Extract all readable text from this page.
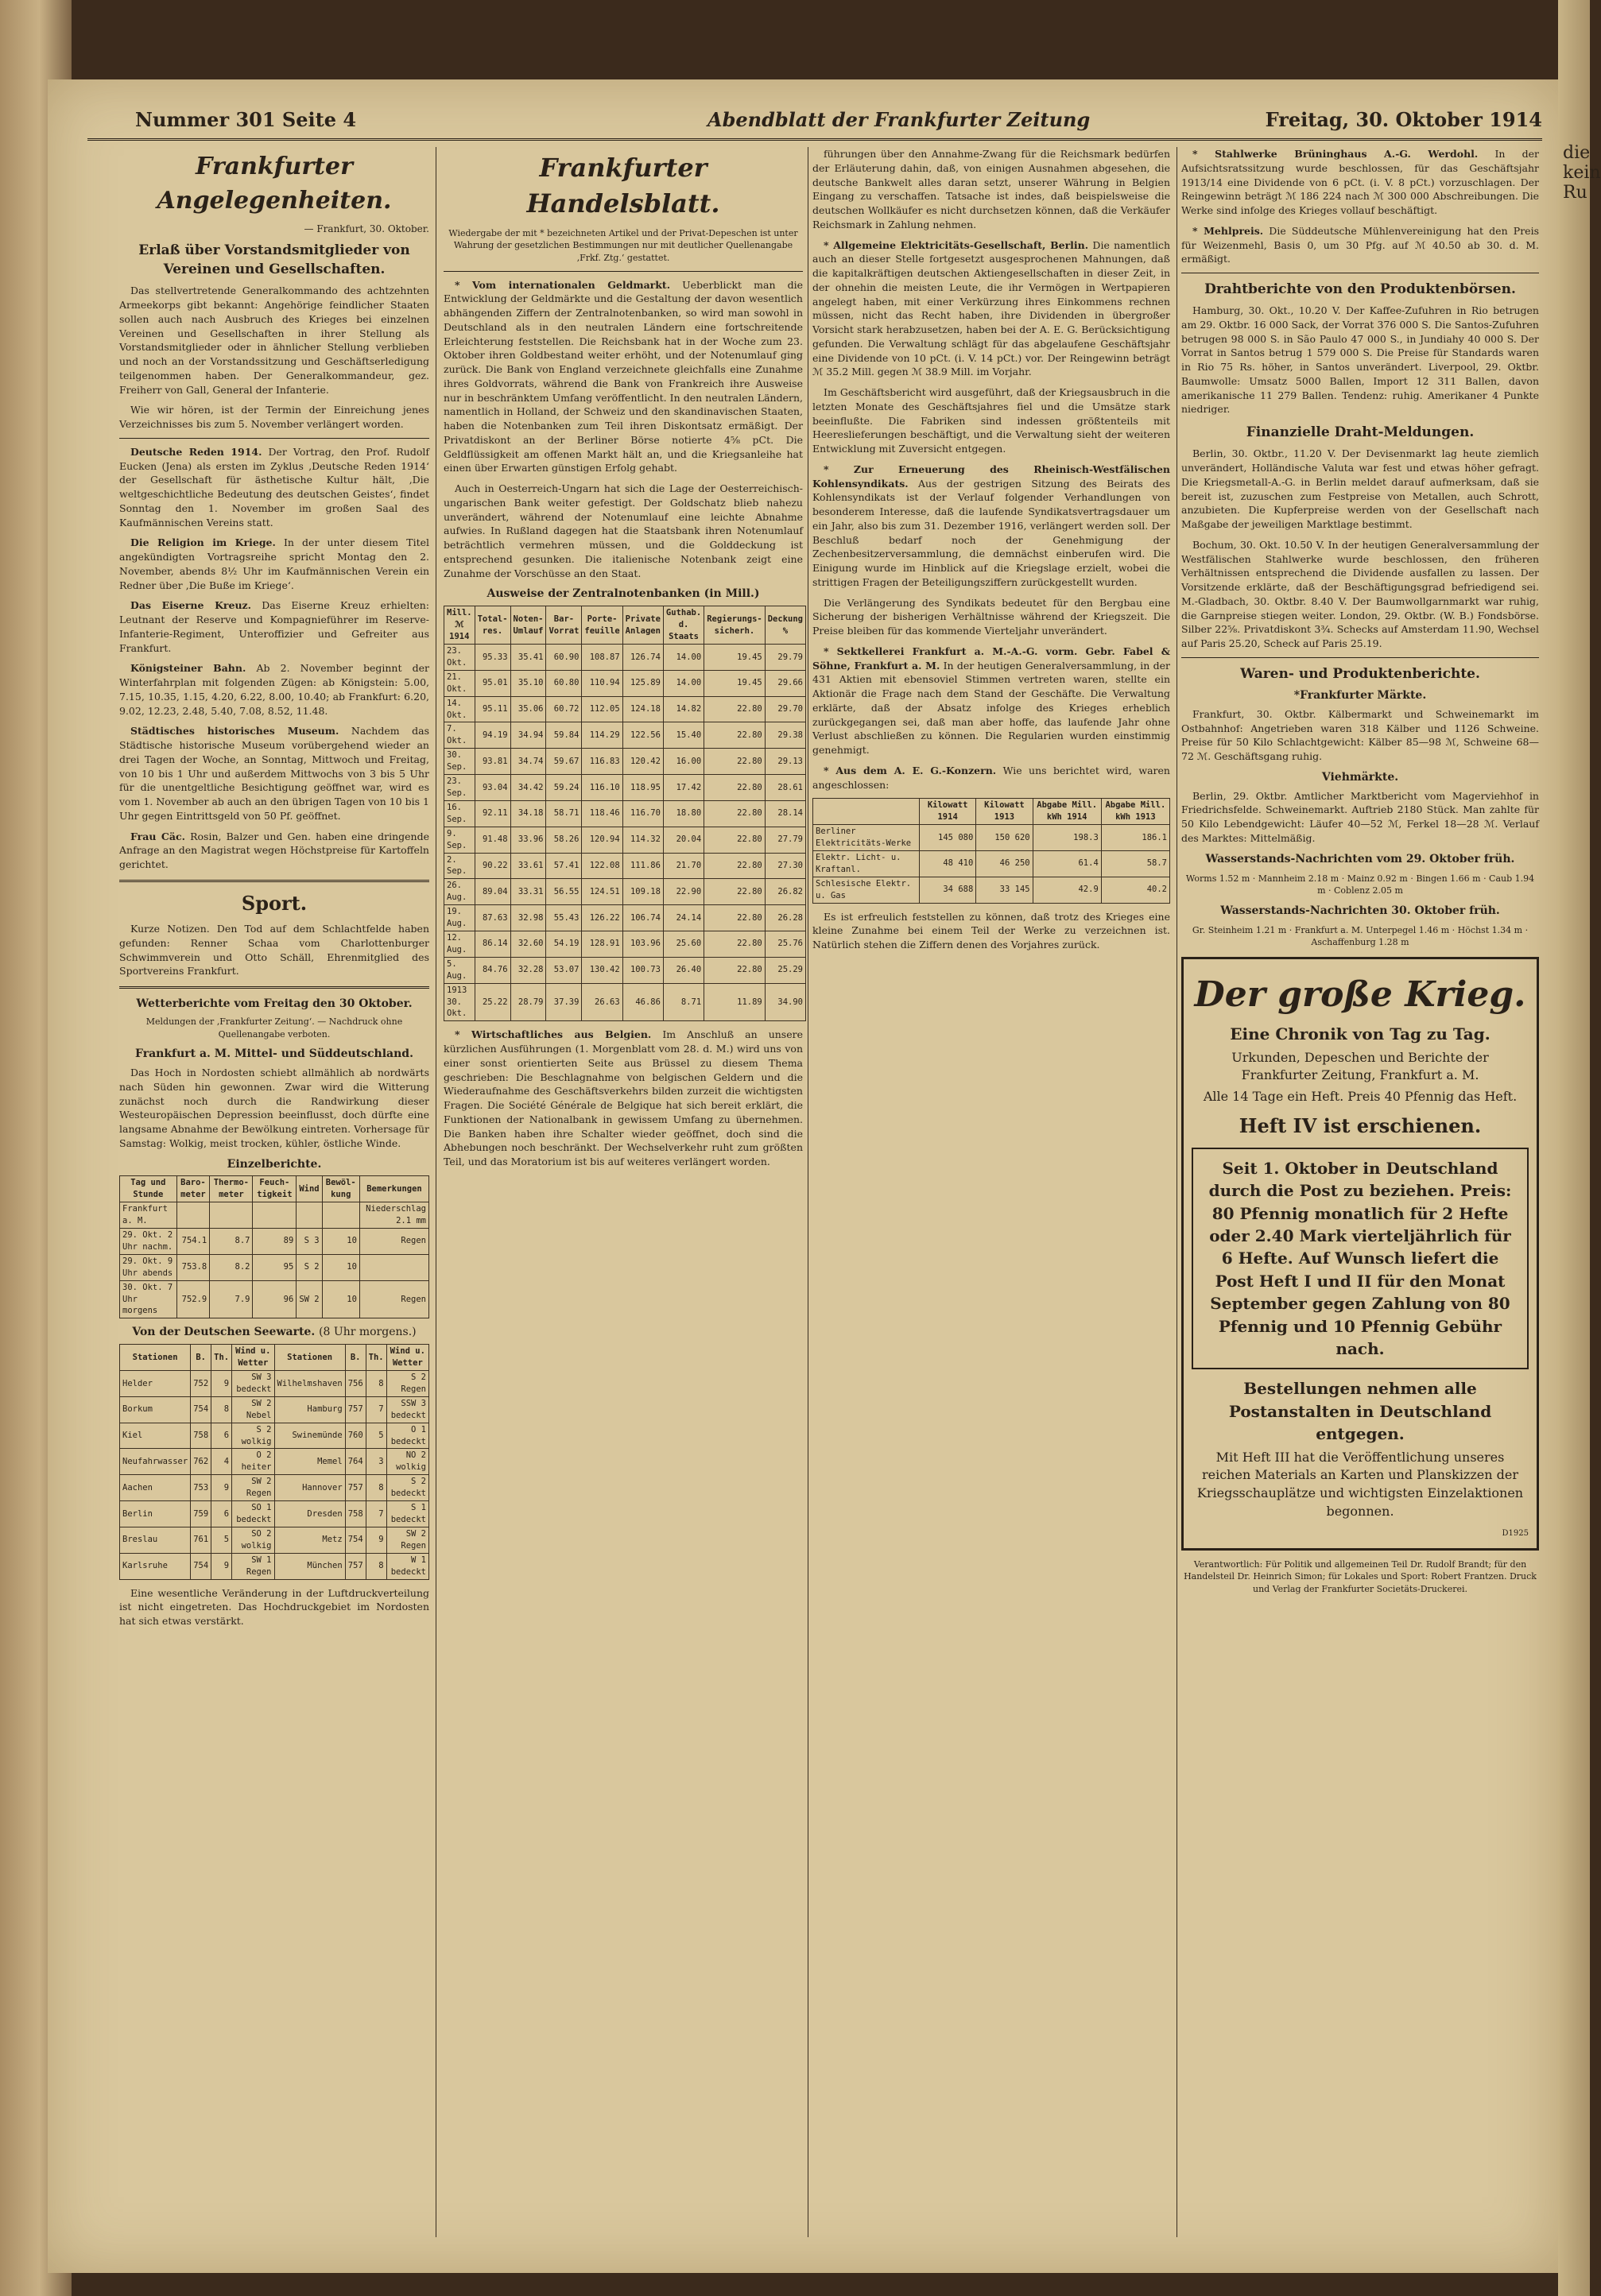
die
kein
Ru
Nummer 301 Seite 4	Abendblatt der Frankfurter Zeitung	Freitag, 30. Oktober 1914
Frankfurter Angelegenheiten.
— Frankfurt, 30. Oktober.
Erlaß über Vorstandsmitglieder von Vereinen und Gesellschaften.

Das stellvertretende Generalkommando des achtzehnten Armeekorps gibt bekannt: Angehörige feindlicher Staaten sollen auch nach Ausbruch des Krieges bei einzelnen Vereinen und Gesellschaften in ihrer Stellung als Vorstandsmitglieder oder in ähnlicher Stellung verblieben und noch an der Vorstandssitzung und Geschäftserledigung teilgenommen haben. Der Generalkommandeur, gez. Freiherr von Gall, General der Infanterie.

Wie wir hören, ist der Termin der Einreichung jenes Verzeichnisses bis zum 5. November verlängert worden.

Deutsche Reden 1914. Der Vortrag, den Prof. Rudolf Eucken (Jena) als ersten im Zyklus ‚Deutsche Reden 1914‘ der Gesellschaft für ästhetische Kultur hält, ‚Die weltgeschichtliche Bedeutung des deutschen Geistes‘, findet Sonntag den 1. November im großen Saal des Kaufmännischen Vereins statt.

Die Religion im Kriege. In der unter diesem Titel angekündigten Vortragsreihe spricht Montag den 2. November, abends 8½ Uhr im Kaufmännischen Verein ein Redner über ‚Die Buße im Kriege‘.

Das Eiserne Kreuz. Das Eiserne Kreuz erhielten: Leutnant der Reserve und Kompagnieführer im Reserve-Infanterie-Regiment, Unteroffizier und Gefreiter aus Frankfurt.

Königsteiner Bahn. Ab 2. November beginnt der Winterfahrplan mit folgenden Zügen: ab Königstein: 5.00, 7.15, 10.35, 1.15, 4.20, 6.22, 8.00, 10.40; ab Frankfurt: 6.20, 9.02, 12.23, 2.48, 5.40, 7.08, 8.52, 11.48.

Städtisches historisches Museum. Nachdem das Städtische historische Museum vorübergehend wieder an drei Tagen der Woche, an Sonntag, Mittwoch und Freitag, von 10 bis 1 Uhr und außerdem Mittwochs von 3 bis 5 Uhr für die unentgeltliche Besichtigung geöffnet war, wird es vom 1. November ab auch an den übrigen Tagen von 10 bis 1 Uhr gegen Eintrittsgeld von 50 Pf. geöffnet.

Frau Cäc. Rosin, Balzer und Gen. haben eine dringende Anfrage an den Magistrat wegen Höchstpreise für Kartoffeln gerichtet.

Sport.

Kurze Notizen. Den Tod auf dem Schlachtfelde haben gefunden: Renner Schaa vom Charlottenburger Schwimmverein und Otto Schäll, Ehrenmitglied des Sportvereins Frankfurt.

Wetterberichte vom Freitag den 30 Oktober.
Meldungen der ‚Frankfurter Zeitung‘. — Nachdruck ohne Quellenangabe verboten.
Frankfurt a. M. Mittel- und Süddeutschland.

Das Hoch in Nordosten schiebt allmählich ab nordwärts nach Süden hin gewonnen. Zwar wird die Witterung zunächst noch durch die Randwirkung dieser Westeuropäischen Depression beeinflusst, doch dürfte eine langsame Abnahme der Bewölkung eintreten. Vorhersage für Samstag: Wolkig, meist trocken, kühler, östliche Winde.

Einzelberichte.
Tag und Stunde	Baro-meter	Thermo-meter	Feuch-tigkeit	Wind	Bewöl-kung	Bemerkungen
Frankfurt a. M.						Niederschlag 2.1 mm
29. Okt. 2 Uhr nachm.	754.1	8.7	89	S 3	10	Regen
29. Okt. 9 Uhr abends	753.8	8.2	95	S 2	10	
30. Okt. 7 Uhr morgens	752.9	7.9	96	SW 2	10	Regen
Von der Deutschen Seewarte. (8 Uhr morgens.)
Stationen	B.	Th.	Wind u. Wetter	Stationen	B.	Th.	Wind u. Wetter
Helder	752	9	SW 3 bedeckt	Wilhelmshaven	756	8	S 2 Regen
Borkum	754	8	SW 2 Nebel	Hamburg	757	7	SSW 3 bedeckt
Kiel	758	6	S 2 wolkig	Swinemünde	760	5	O 1 bedeckt
Neufahrwasser	762	4	O 2 heiter	Memel	764	3	NO 2 wolkig
Aachen	753	9	SW 2 Regen	Hannover	757	8	S 2 bedeckt
Berlin	759	6	SO 1 bedeckt	Dresden	758	7	S 1 bedeckt
Breslau	761	5	SO 2 wolkig	Metz	754	9	SW 2 Regen
Karlsruhe	754	9	SW 1 Regen	München	757	8	W 1 bedeckt

Eine wesentliche Veränderung in der Luftdruckverteilung ist nicht eingetreten. Das Hochdruckgebiet im Nordosten hat sich etwas verstärkt.

Frankfurter Handelsblatt.
Wiedergabe der mit * bezeichneten Artikel und der Privat-Depeschen ist unter Wahrung der gesetzlichen Bestimmungen nur mit deutlicher Quellenangabe ‚Frkf. Ztg.‘ gestattet.

* Vom internationalen Geldmarkt. Ueberblickt man die Entwicklung der Geldmärkte und die Gestaltung der davon wesentlich abhängenden Ziffern der Zentralnotenbanken, so wird man sowohl in Deutschland als in den neutralen Ländern eine fortschreitende Erleichterung feststellen. Die Reichsbank hat in der Woche zum 23. Oktober ihren Goldbestand weiter erhöht, und der Notenumlauf ging zurück. Die Bank von England verzeichnete gleichfalls eine Zunahme ihres Goldvorrats, während die Bank von Frankreich ihre Ausweise nur in beschränktem Umfang veröffentlicht. In den neutralen Ländern, namentlich in Holland, der Schweiz und den skandinavischen Staaten, haben die Notenbanken zum Teil ihren Diskontsatz ermäßigt. Der Privatdiskont an der Berliner Börse notierte 4⅝ pCt. Die Geldflüssigkeit am offenen Markt hält an, und die Kriegsanleihe hat einen über Erwarten günstigen Erfolg gehabt.

Auch in Oesterreich-Ungarn hat sich die Lage der Oesterreichisch-ungarischen Bank weiter gefestigt. Der Goldschatz blieb nahezu unverändert, während der Notenumlauf eine leichte Abnahme aufwies. In Rußland dagegen hat die Staatsbank ihren Notenumlauf beträchtlich vermehren müssen, und die Golddeckung ist entsprechend gesunken. Die italienische Notenbank zeigt eine Zunahme der Vorschüsse an den Staat.

Ausweise der Zentralnotenbanken (in Mill.)
Mill. ℳ 1914	Total-res.	Noten-Umlauf	Bar-Vorrat	Porte-feuille	Private Anlagen	Guthab. d. Staats	Regierungs-sicherh.	Deckung %
23. Okt.	95.33	35.41	60.90	108.87	126.74	14.00	19.45	29.79
21. Okt.	95.01	35.10	60.80	110.94	125.89	14.00	19.45	29.66
14. Okt.	95.11	35.06	60.72	112.05	124.18	14.82	22.80	29.70
7. Okt.	94.19	34.94	59.84	114.29	122.56	15.40	22.80	29.38
30. Sep.	93.81	34.74	59.67	116.83	120.42	16.00	22.80	29.13
23. Sep.	93.04	34.42	59.24	116.10	118.95	17.42	22.80	28.61
16. Sep.	92.11	34.18	58.71	118.46	116.70	18.80	22.80	28.14
9. Sep.	91.48	33.96	58.26	120.94	114.32	20.04	22.80	27.79
2. Sep.	90.22	33.61	57.41	122.08	111.86	21.70	22.80	27.30
26. Aug.	89.04	33.31	56.55	124.51	109.18	22.90	22.80	26.82
19. Aug.	87.63	32.98	55.43	126.22	106.74	24.14	22.80	26.28
12. Aug.	86.14	32.60	54.19	128.91	103.96	25.60	22.80	25.76
5. Aug.	84.76	32.28	53.07	130.42	100.73	26.40	22.80	25.29
1913 30. Okt.	25.22	28.79	37.39	26.63	46.86	8.71	11.89	34.90

* Wirtschaftliches aus Belgien. Im Anschluß an unsere kürzlichen Ausführungen (1. Morgenblatt vom 28. d. M.) wird uns von einer sonst orientierten Seite aus Brüssel zu diesem Thema geschrieben: Die Beschlagnahme von belgischen Geldern und die Wiederaufnahme des Geschäftsverkehrs bilden zurzeit die wichtigsten Fragen. Die Société Générale de Belgique hat sich bereit erklärt, die Funktionen der Nationalbank in gewissem Umfang zu übernehmen. Die Banken haben ihre Schalter wieder geöffnet, doch sind die Abhebungen noch beschränkt. Der Wechselverkehr ruht zum größten Teil, und das Moratorium ist bis auf weiteres verlängert worden.

führungen über den Annahme-Zwang für die Reichsmark bedürfen der Erläuterung dahin, daß, von einigen Ausnahmen abgesehen, die deutsche Bankwelt alles daran setzt, unserer Währung in Belgien Eingang zu verschaffen. Tatsache ist indes, daß beispielsweise die deutschen Wollkäufer es nicht durchsetzen können, daß die Verkäufer Reichsmark in Zahlung nehmen.

* Allgemeine Elektricitäts-Gesellschaft, Berlin. Die namentlich auch an dieser Stelle fortgesetzt ausgesprochenen Mahnungen, daß die kapitalkräftigen deutschen Aktiengesellschaften in dieser Zeit, in der ohnehin die meisten Leute, die ihr Vermögen in Wertpapieren angelegt haben, mit einer Verkürzung ihres Einkommens rechnen müssen, nicht das Recht haben, ihre Dividenden in übergroßer Vorsicht stark herabzusetzen, haben bei der A. E. G. Berücksichtigung gefunden. Die Verwaltung schlägt für das abgelaufene Geschäftsjahr eine Dividende von 10 pCt. (i. V. 14 pCt.) vor. Der Reingewinn beträgt ℳ 35.2 Mill. gegen ℳ 38.9 Mill. im Vorjahr.

Im Geschäftsbericht wird ausgeführt, daß der Kriegsausbruch in die letzten Monate des Geschäftsjahres fiel und die Umsätze stark beeinflußte. Die Fabriken sind indessen größtenteils mit Heereslieferungen beschäftigt, und die Verwaltung sieht der weiteren Entwicklung mit Zuversicht entgegen.

* Zur Erneuerung des Rheinisch-Westfälischen Kohlensyndikats. Aus der gestrigen Sitzung des Beirats des Kohlensyndikats ist der Verlauf folgender Verhandlungen von besonderem Interesse, daß die laufende Syndikatsvertragsdauer um ein Jahr, also bis zum 31. Dezember 1916, verlängert werden soll. Der Beschluß bedarf noch der Genehmigung der Zechenbesitzerversammlung, die demnächst einberufen wird. Die Einigung wurde im Hinblick auf die Kriegslage erzielt, wobei die strittigen Fragen der Beteiligungsziffern zurückgestellt wurden.

Die Verlängerung des Syndikats bedeutet für den Bergbau eine Sicherung der bisherigen Verhältnisse während der Kriegszeit. Die Preise bleiben für das kommende Vierteljahr unverändert.

* Sektkellerei Frankfurt a. M.-A.-G. vorm. Gebr. Fabel & Söhne, Frankfurt a. M. In der heutigen Generalversammlung, in der 431 Aktien mit ebensoviel Stimmen vertreten waren, stellte ein Aktionär die Frage nach dem Stand der Geschäfte. Die Verwaltung erklärte, daß der Absatz infolge des Krieges erheblich zurückgegangen sei, daß man aber hoffe, das laufende Jahr ohne Verlust abschließen zu können. Die Regularien wurden einstimmig genehmigt.

* Aus dem A. E. G.-Konzern. Wie uns berichtet wird, waren angeschlossen:

	Kilowatt 1914	Kilowatt 1913	Abgabe Mill. kWh 1914	Abgabe Mill. kWh 1913
Berliner Elektricitäts-Werke	145 080	150 620	198.3	186.1
Elektr. Licht- u. Kraftanl.	48 410	46 250	61.4	58.7
Schlesische Elektr. u. Gas	34 688	33 145	42.9	40.2

Es ist erfreulich feststellen zu können, daß trotz des Krieges eine kleine Zunahme bei einem Teil der Werke zu verzeichnen ist. Natürlich stehen die Ziffern denen des Vorjahres zurück.

* Stahlwerke Brüninghaus A.-G. Werdohl. In der Aufsichtsratssitzung wurde beschlossen, für das Geschäftsjahr 1913/14 eine Dividende von 6 pCt. (i. V. 8 pCt.) vorzuschlagen. Der Reingewinn beträgt ℳ 186 224 nach ℳ 300 000 Abschreibungen. Die Werke sind infolge des Krieges vollauf beschäftigt.

* Mehlpreis. Die Süddeutsche Mühlenvereinigung hat den Preis für Weizenmehl, Basis 0, um 30 Pfg. auf ℳ 40.50 ab 30. d. M. ermäßigt.

Drahtberichte von den Produktenbörsen.

Hamburg, 30. Okt., 10.20 V. Der Kaffee-Zufuhren in Rio betrugen am 29. Oktbr. 16 000 Sack, der Vorrat 376 000 S. Die Santos-Zufuhren betrugen 98 000 S. in São Paulo 47 000 S., in Jundiahy 40 000 S. Der Vorrat in Santos betrug 1 579 000 S. Die Preise für Standards waren in Rio 75 Rs. höher, in Santos unverändert. Liverpool, 29. Oktbr. Baumwolle: Umsatz 5000 Ballen, Import 12 311 Ballen, davon amerikanische 11 279 Ballen. Tendenz: ruhig. Amerikaner 4 Punkte niedriger.

Finanzielle Draht-Meldungen.

Berlin, 30. Oktbr., 11.20 V. Der Devisenmarkt lag heute ziemlich unverändert, Holländische Valuta war fest und etwas höher gefragt. Die Kriegsmetall-A.-G. in Berlin meldet darauf aufmerksam, daß sie bereit ist, zuzuschen zum Festpreise von Metallen, auch Schrott, anzubieten. Die Kupferpreise werden von der Gesellschaft nach Maßgabe der jeweiligen Marktlage bestimmt.

Bochum, 30. Okt. 10.50 V. In der heutigen Generalversammlung der Westfälischen Stahlwerke wurde beschlossen, den früheren Verhältnissen entsprechend die Dividende ausfallen zu lassen. Der Vorsitzende erklärte, daß der Beschäftigungsgrad befriedigend sei. M.-Gladbach, 30. Oktbr. 8.40 V. Der Baumwollgarnmarkt war ruhig, die Garnpreise stiegen weiter. London, 29. Oktbr. (W. B.) Fondsbörse. Silber 22⅝. Privatdiskont 3¾. Schecks auf Amsterdam 11.90, Wechsel auf Paris 25.20, Scheck auf Paris 25.19.

Waren- und Produktenberichte.
*Frankfurter Märkte.

Frankfurt, 30. Oktbr. Kälbermarkt und Schweinemarkt im Ostbahnhof: Angetrieben waren 318 Kälber und 1126 Schweine. Preise für 50 Kilo Schlachtgewicht: Kälber 85—98 ℳ, Schweine 68—72 ℳ. Geschäftsgang ruhig.

Viehmärkte.

Berlin, 29. Oktbr. Amtlicher Marktbericht vom Magerviehhof in Friedrichsfelde. Schweinemarkt. Auftrieb 2180 Stück. Man zahlte für 50 Kilo Lebendgewicht: Läufer 40—52 ℳ, Ferkel 18—28 ℳ. Verlauf des Marktes: Mittelmäßig.

Wasserstands-Nachrichten vom 29. Oktober früh.
Worms 1.52 m · Mannheim 2.18 m · Mainz 0.92 m · Bingen 1.66 m · Caub 1.94 m · Coblenz 2.05 m
Wasserstands-Nachrichten 30. Oktober früh.
Gr. Steinheim 1.21 m · Frankfurt a. M. Unterpegel 1.46 m · Höchst 1.34 m · Aschaffenburg 1.28 m
Der große Krieg.
Eine Chronik von Tag zu Tag.
Urkunden, Depeschen und Berichte der Frankfurter Zeitung, Frankfurt a. M.
Alle 14 Tage ein Heft. Preis 40 Pfennig das Heft.
Heft IV ist erschienen.
Seit 1. Oktober in Deutschland durch die Post zu beziehen. Preis: 80 Pfennig monatlich für 2 Hefte oder 2.40 Mark vierteljährlich für 6 Hefte. Auf Wunsch liefert die Post Heft I und II für den Monat September gegen Zahlung von 80 Pfennig und 10 Pfennig Gebühr nach.
Bestellungen nehmen alle Postanstalten in Deutschland entgegen.
Mit Heft III hat die Veröffentlichung unseres reichen Materials an Karten und Planskizzen der Kriegsschauplätze und wichtigsten Einzelaktionen begonnen.
D1925
Verantwortlich: Für Politik und allgemeinen Teil Dr. Rudolf Brandt; für den Handelsteil Dr. Heinrich Simon; für Lokales und Sport: Robert Frantzen. Druck und Verlag der Frankfurter Societäts-Druckerei.
